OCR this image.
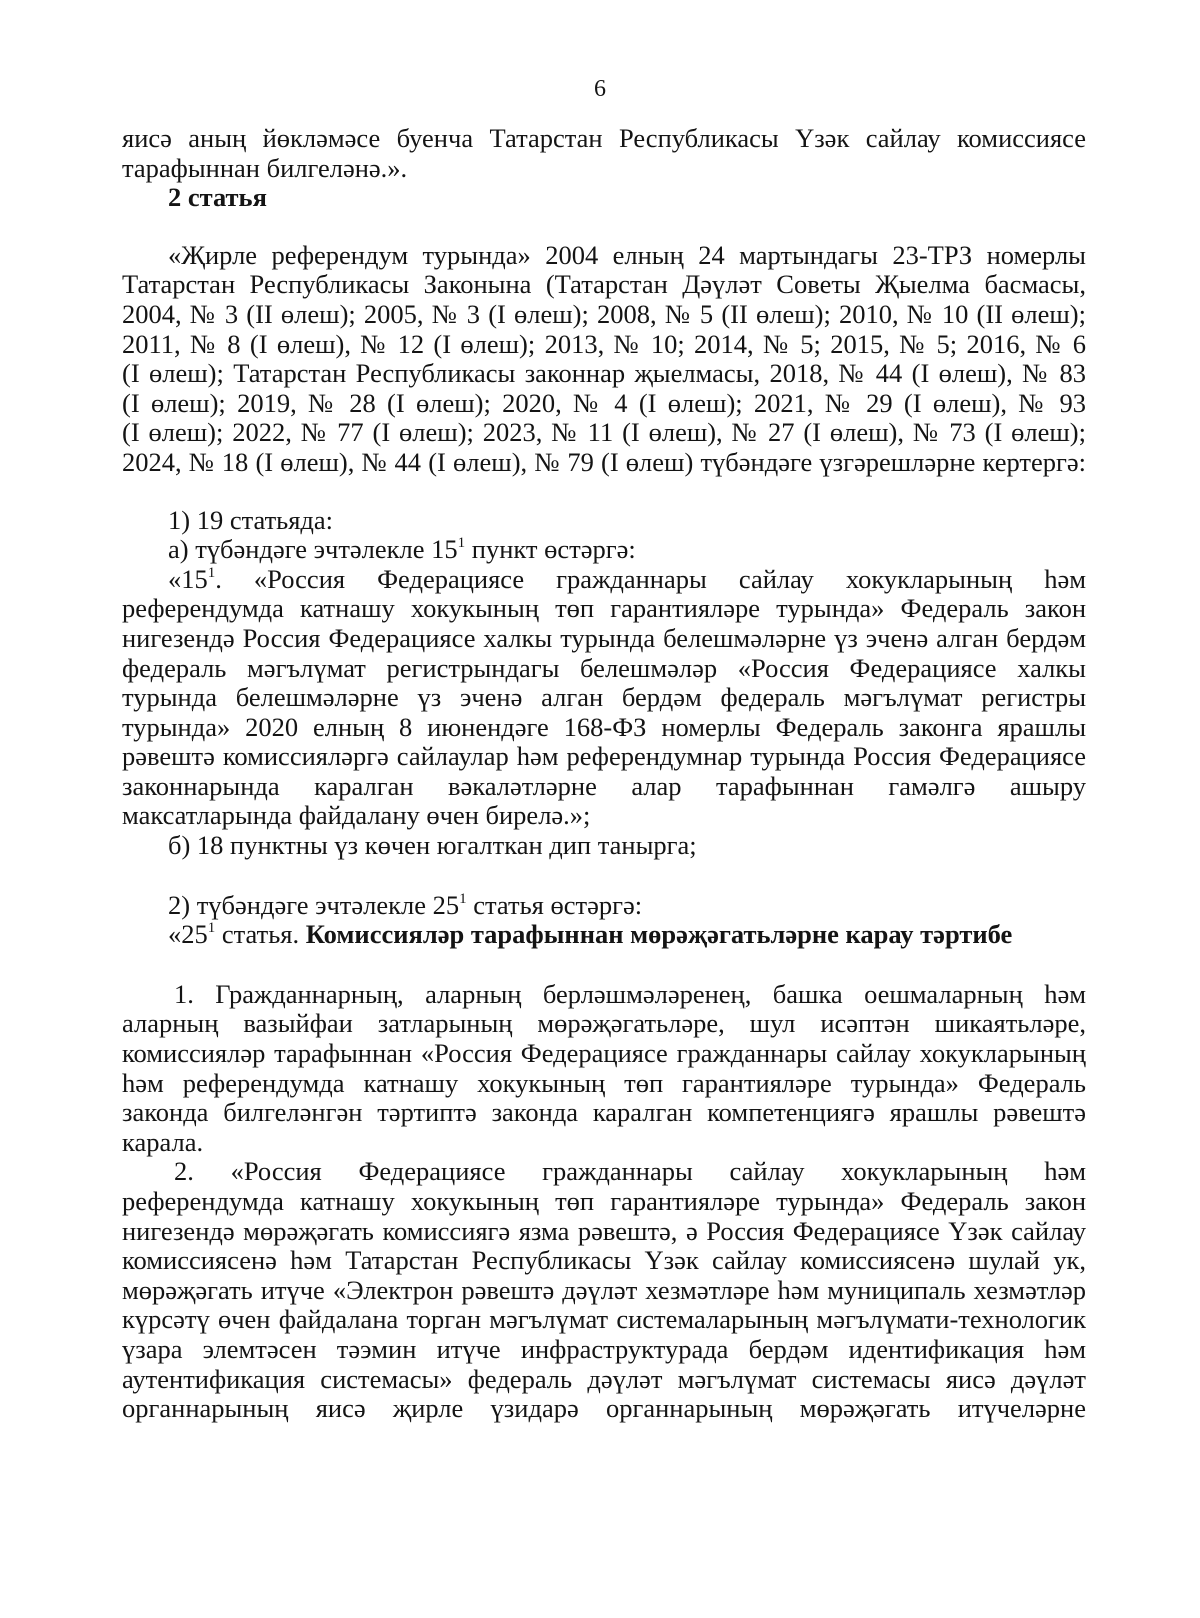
6
яисә аның йөкләмәсе буенча Татарстан Республикасы Үзәк сайлау комиссиясе
тарафыннан билгеләнә.».
2 статья
«Җирле референдум турында» 2004 елның 24 мартындагы 23-ТРЗ номерлы
Татарстан Республикасы Законына (Татарстан Дәүләт Советы Җыелма басмасы,
2004, № 3 (II өлеш); 2005, № 3 (I өлеш); 2008, № 5 (II өлеш); 2010, № 10 (II өлеш);
2011, № 8 (I өлеш), № 12 (I өлеш); 2013, № 10; 2014, № 5; 2015, № 5; 2016, № 6
(I өлеш); Татарстан Республикасы законнар җыелмасы, 2018, № 44 (I өлеш), № 83
(I өлеш); 2019, № 28 (I өлеш); 2020, № 4 (I өлеш); 2021, № 29 (I өлеш), № 93
(I өлеш); 2022, № 77 (I өлеш); 2023, № 11 (I өлеш), № 27 (I өлеш), № 73 (I өлеш);
2024, № 18 (I өлеш), № 44 (I өлеш), № 79 (I өлеш) түбәндәге үзгәрешләрне кертергә:
1) 19 статьяда:
а) түбәндәге эчтәлекле $15^1$ пункт өстәргә:
«$15^1$. «Россия Федерациясе гражданнары сайлау хокукларының һәм
референдумда катнашу хокукының төп гарантияләре турында» Федераль закон
нигезендә Россия Федерациясе халкы турында белешмәләрне үз эченә алган бердәм
федераль мәгълүмат регистрындагы белешмәләр «Россия Федерациясе халкы
турында белешмәләрне үз эченә алган бердәм федераль мәгълүмат регистры
турында» 2020 елның 8 июнендәге 168-ФЗ номерлы Федераль законга ярашлы
рәвештә комиссияләргә сайлаулар һәм референдумнар турында Россия Федерациясе
законнарында каралган вәкаләтләрне алар тарафыннан гамәлгә ашыру
максатларында файдалану өчен бирелә.»;
б) 18 пунктны үз көчен югалткан дип танырга;
2) түбәндәге эчтәлекле $25^1$ статья өстәргә:
«$25^1$ статья. Комиссияләр тарафыннан мөрәҗәгатьләрне карау тәртибе
1. Гражданнарның, аларның берләшмәләренең, башка оешмаларның һәм
аларның вазыйфаи затларының мөрәҗәгатьләре, шул исәптән шикаятьләре,
комиссияләр тарафыннан «Россия Федерациясе гражданнары сайлау хокукларының
һәм референдумда катнашу хокукының төп гарантияләре турында» Федераль
законда билгеләнгән тәртиптә законда каралган компетенциягә ярашлы рәвештә
карала.
2. «Россия Федерациясе гражданнары сайлау хокукларының һәм
референдумда катнашу хокукының төп гарантияләре турында» Федераль закон
нигезендә мөрәҗәгать комиссиягә язма рәвештә, ә Россия Федерациясе Үзәк сайлау
комиссиясенә һәм Татарстан Республикасы Үзәк сайлау комиссиясенә шулай ук,
мөрәҗәгать итүче «Электрон рәвештә дәүләт хезмәтләре һәм муниципаль хезмәтләр
күрсәтү өчен файдалана торган мәгълүмат системаларының мәгълүмати-технологик
үзара элемтәсен тәэмин итүче инфраструктурада бердәм идентификация һәм
аутентификация системасы» федераль дәүләт мәгълүмат системасы яисә дәүләт
органнарының яисә җирле үзидарә органнарының мөрәҗәгать итүчеләрне
